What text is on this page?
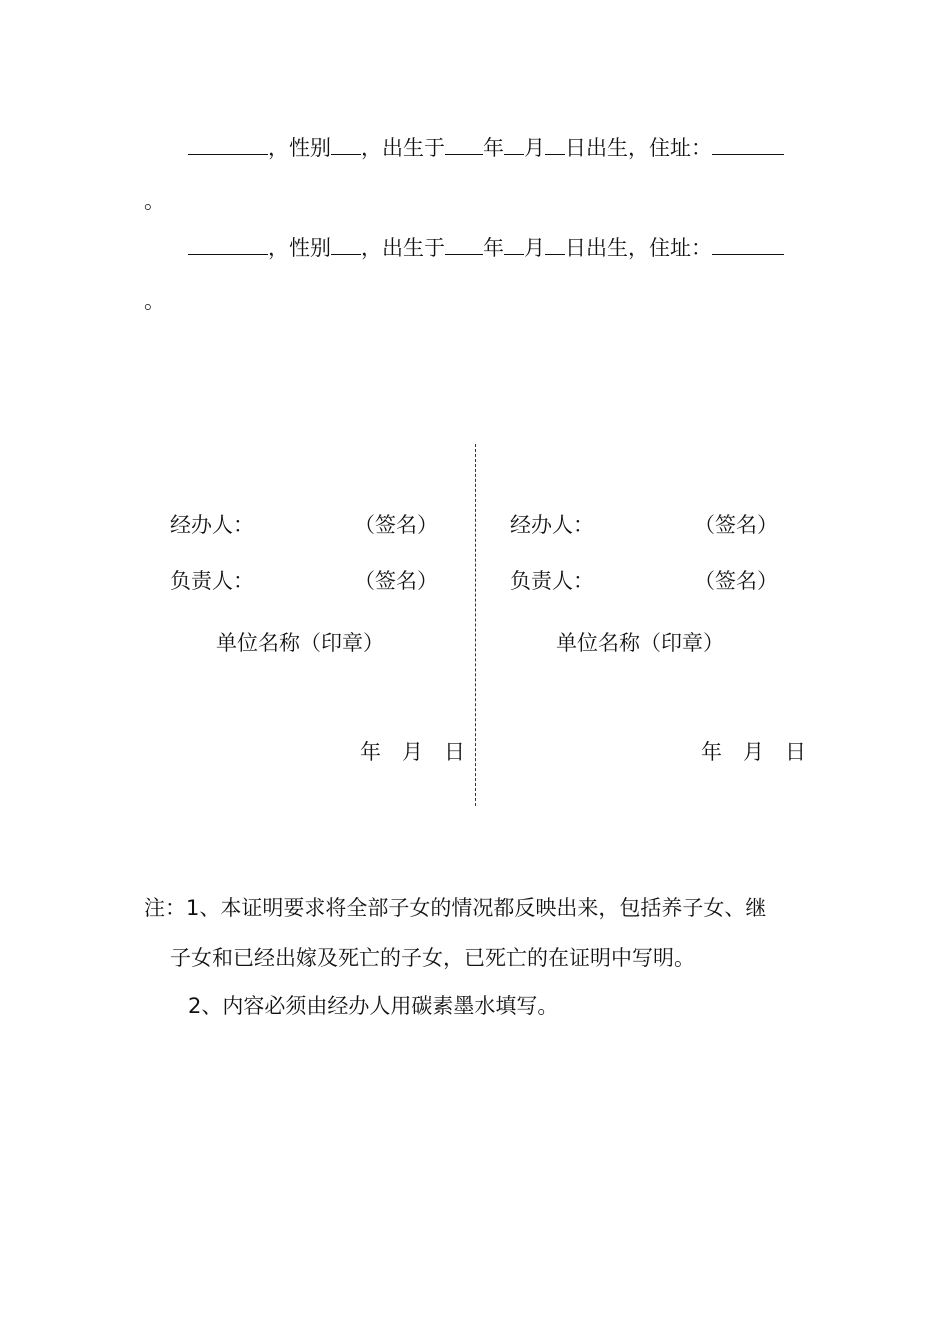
，性别 ，出生于 年 月 日出生，住址：
。
，性别 ，出生于 年 月 日出生，住址：
。
经办人：	（签名）
负责人：	（签名）
单位名称（印章）
年　月　日
经办人：	（签名）
负责人：	（签名）
单位名称（印章）
年　月　日
注：1、本证明要求将全部子女的情况都反映出来，包括养子女、继
子女和已经出嫁及死亡的子女，已死亡的在证明中写明。
2、内容必须由经办人用碳素墨水填写。
